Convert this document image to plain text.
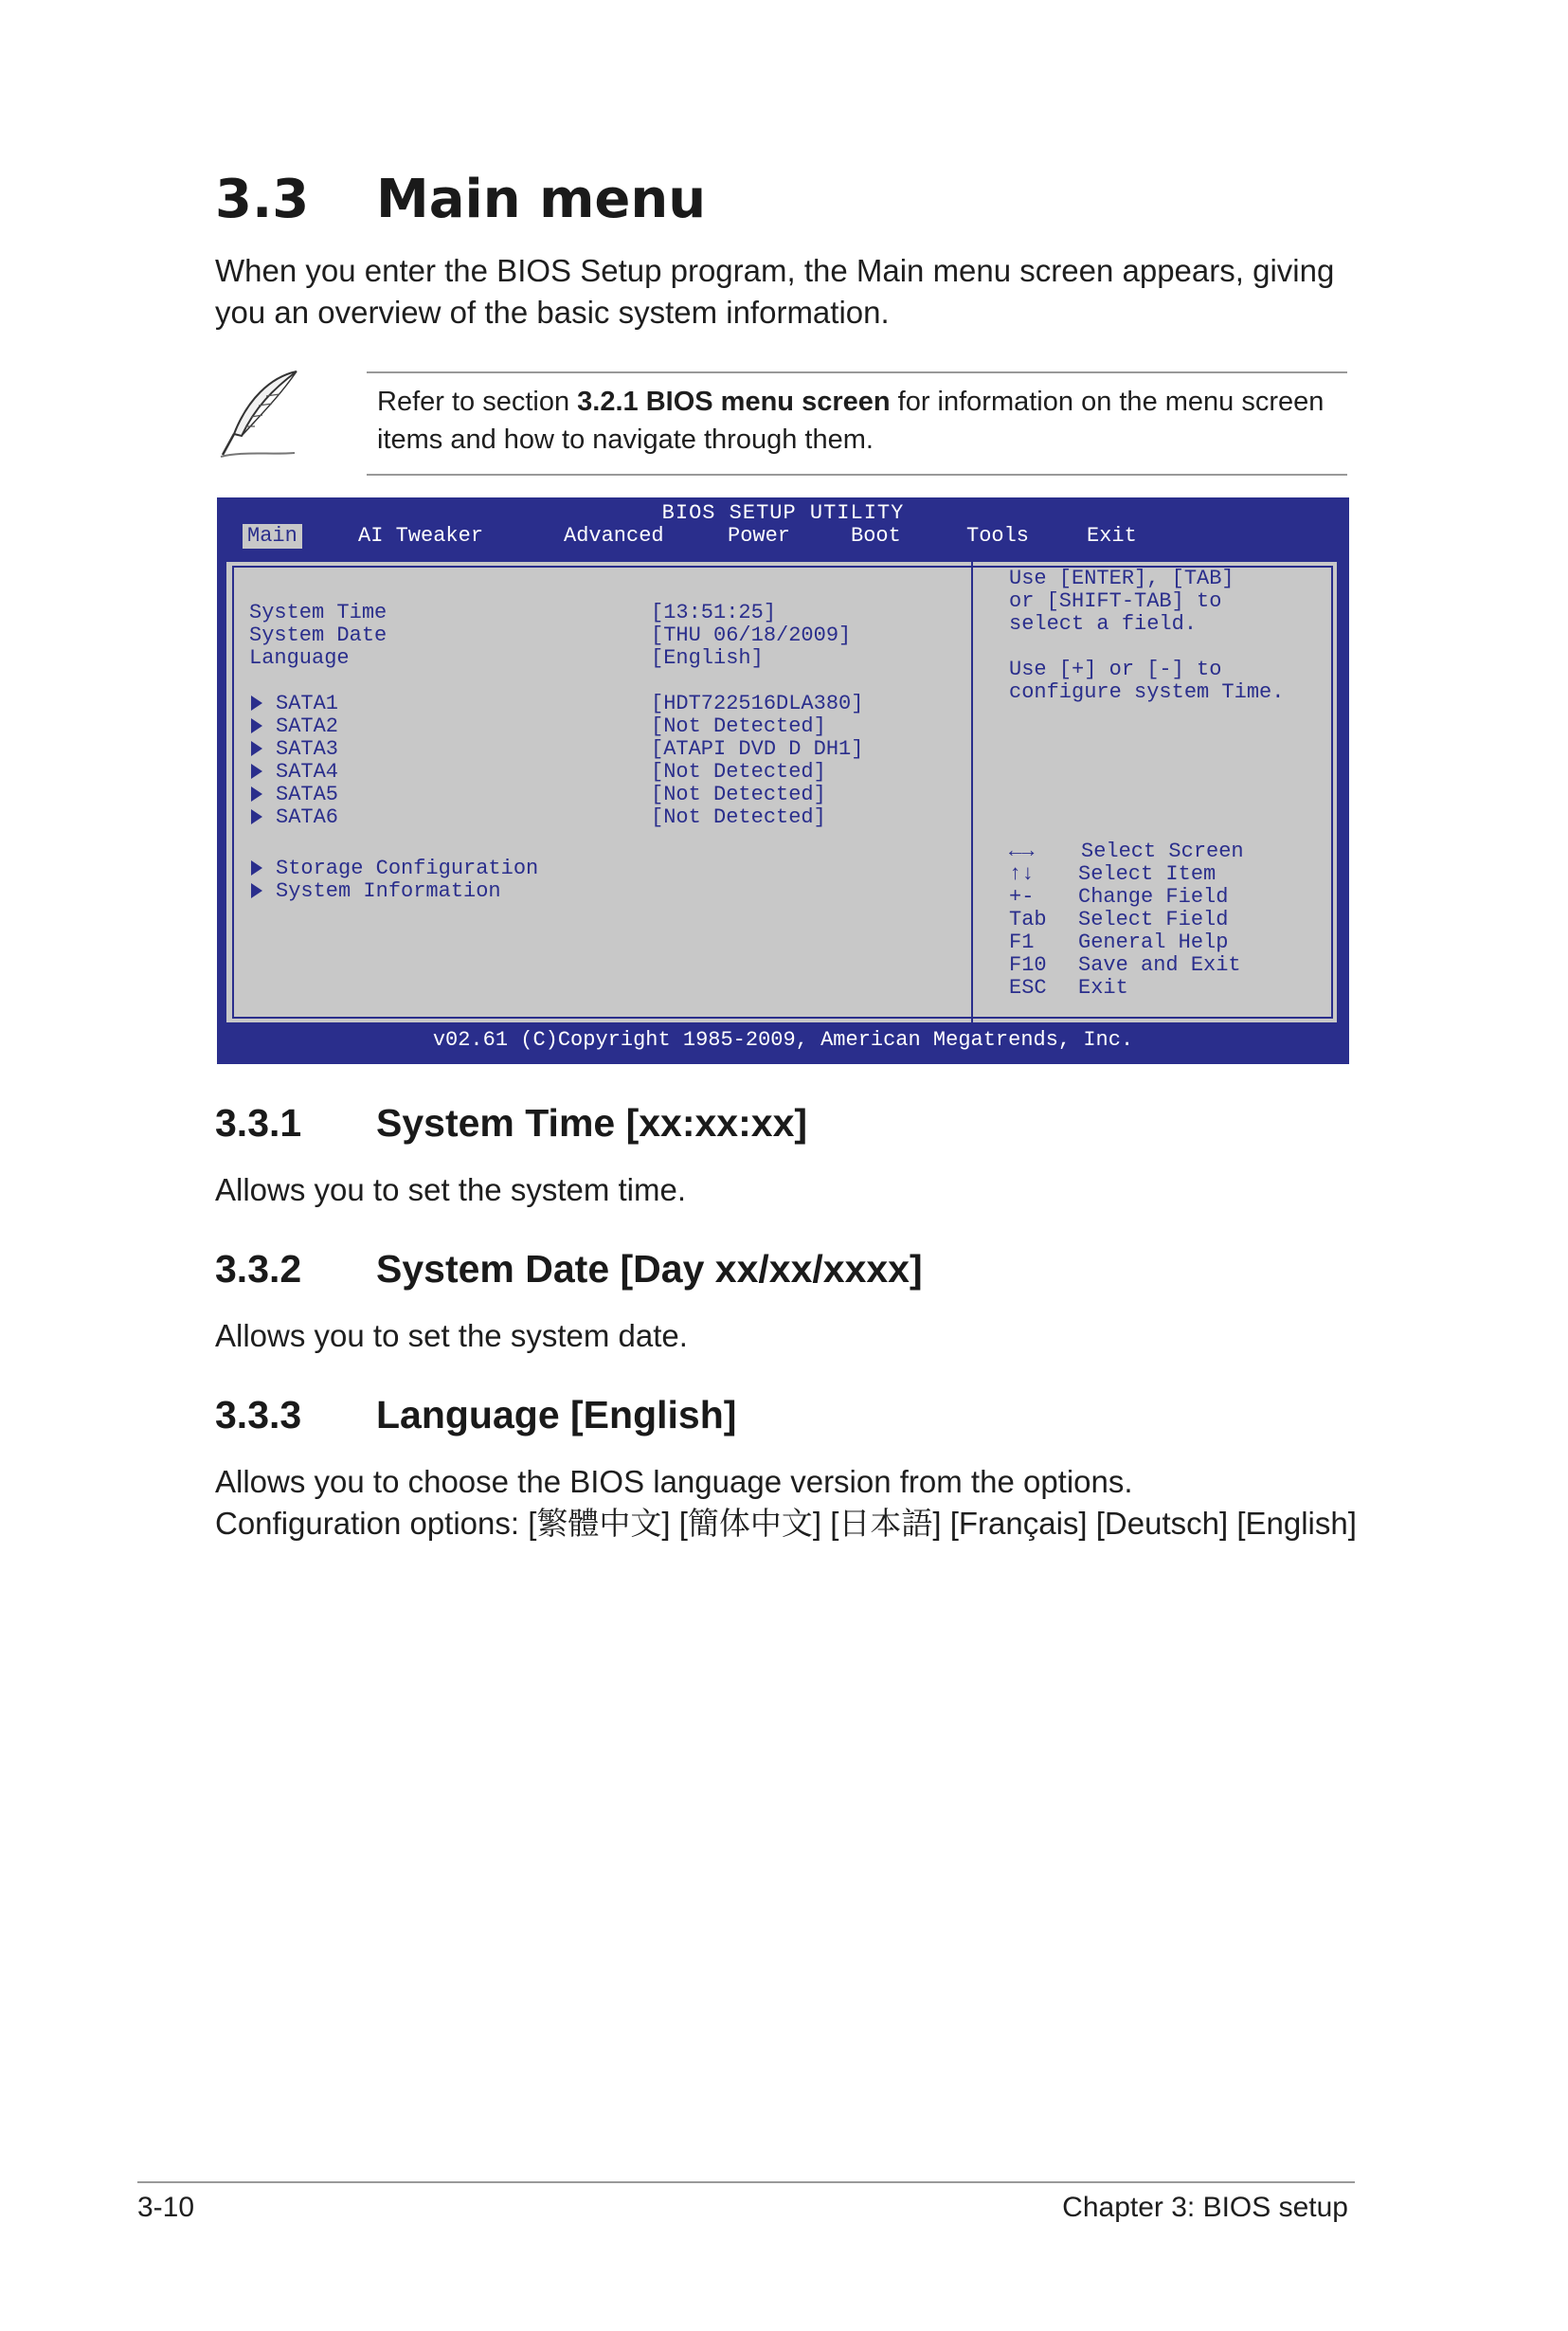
3.3 Main menu

When you enter the BIOS Setup program, the Main menu screen appears, giving you an overview of the basic system information.

Refer to section 3.2.1 BIOS menu screen for information on the menu screen items and how to navigate through them.
BIOS SETUP UTILITY
Main	AI Tweaker	Advanced	Power	Boot	Tools	Exit
System Time	[13:51:25]
System Date	[THU 06/18/2009]
Language	[English]
SATA1	[HDT722516DLA380]
SATA2	[Not Detected]
SATA3	[ATAPI DVD D DH1]
SATA4	[Not Detected]
SATA5	[Not Detected]
SATA6	[Not Detected]
Storage Configuration
System Information
Use [ENTER], [TAB]
or [SHIFT-TAB] to
select a field.
Use [+] or [-] to
configure system Time.
←→ Select Screen
↑↓ Select Item
+- Change Field
Tab Select Field
F1 General Help
F10 Save and Exit
ESC Exit
v02.61 (C)Copyright 1985-2009, American Megatrends, Inc.
3.3.1 System Time [xx:xx:xx]

Allows you to set the system time.

3.3.2 System Date [Day xx/xx/xxxx]

Allows you to set the system date.

3.3.3 Language [English]

Allows you to choose the BIOS language version from the options.

Configuration options: [繁體中文] [簡体中文] [日本語] [Français] [Deutsch] [English]

3-10	Chapter 3: BIOS setup
